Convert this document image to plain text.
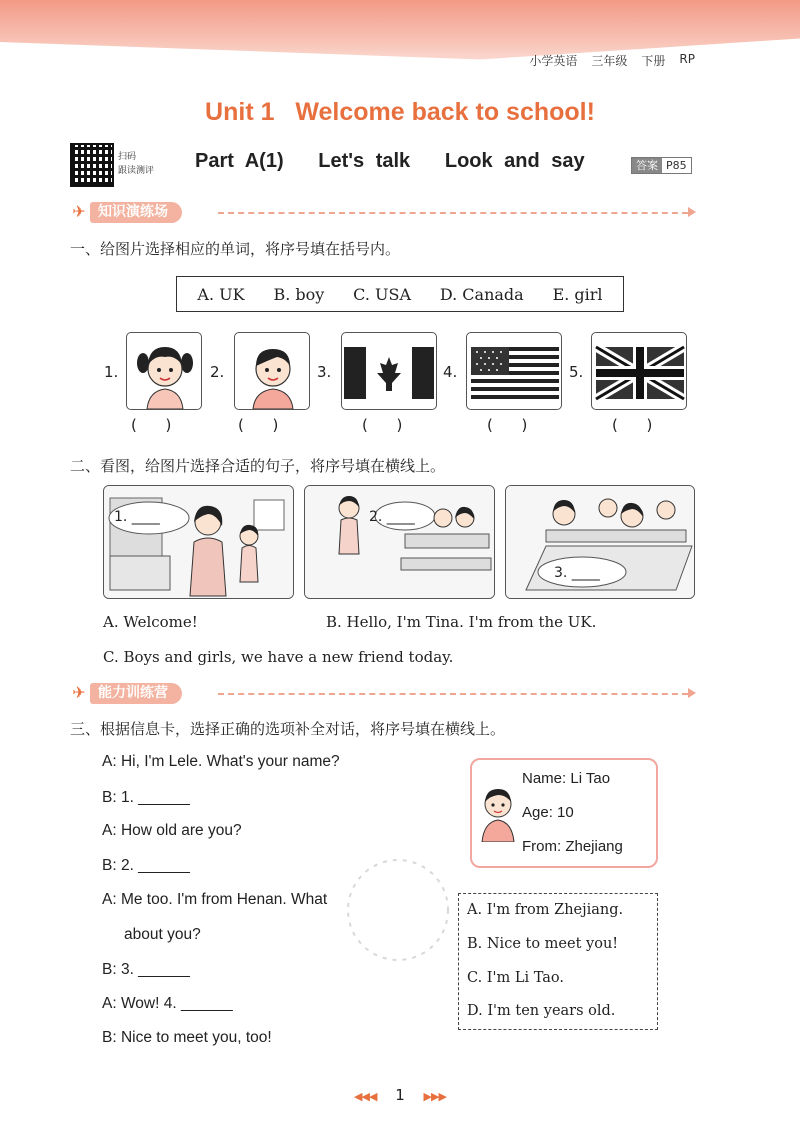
小学英语 三年级 下册 RP
Unit 1   Welcome back to school!
扫码
跟读测评 Part A(1)   Let's talk   Look and say	答案 P85
✈ 知识演练场
一、给图片选择相应的单词，将序号填在括号内。
A. UK B. boy C. USA D. Canada E. girl
1.
(      )
2.
(      )
3.
(      )
4.
(      )
5.
(      )
二、看图，给图片选择合适的句子，将序号填在横线上。
1. ____	2. ____
3. ____
A. Welcome!	B. Hello, I'm Tina. I'm from the UK.
C. Boys and girls, we have a new friend today.
✈ 能力训练营
三、根据信息卡，选择正确的选项补全对话，将序号填在横线上。
A: Hi, I'm Lele. What's your name?
B: 1. ______
A: How old are you?
B: 2. ______
A: Me too. I'm from Henan. What
about you?
B: 3. ______
A: Wow! 4. ______
B: Nice to meet you, too!
Name: Li Tao
Age: 10
From: Zhejiang
A. I'm from Zhejiang.
B. Nice to meet you!
C. I'm Li Tao.
D. I'm ten years old.
◀◀◀ 1 ▶▶▶
